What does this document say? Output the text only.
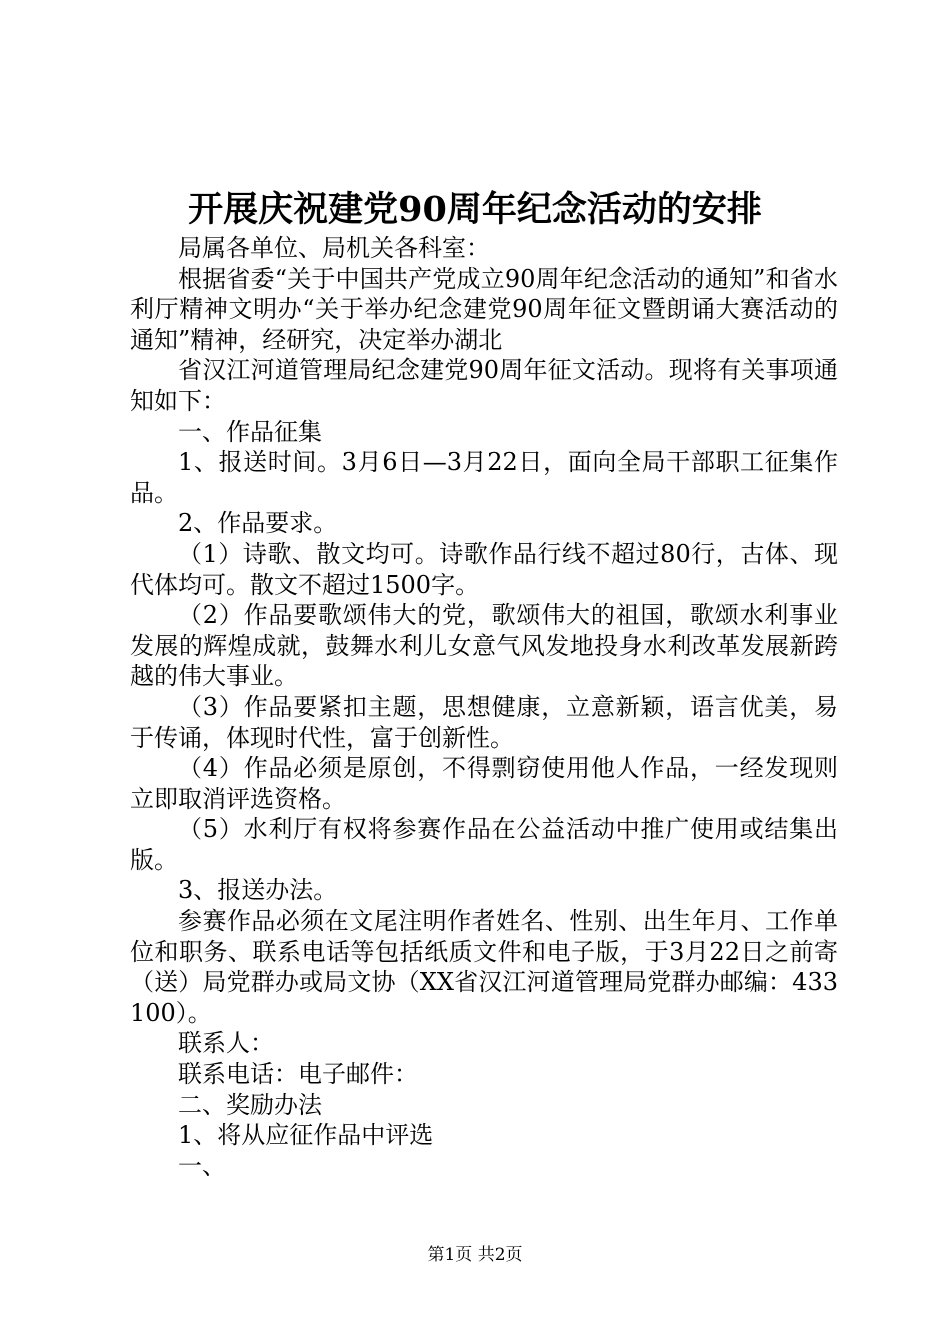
开展庆祝建党90周年纪念活动的安排

局属各单位、局机关各科室：

根据省委“关于中国共产党成立90周年纪念活动的通知”和省水利厅精神文明办“关于举办纪念建党90周年征文暨朗诵大赛活动的通知”精神，经研究，决定举办湖北

省汉江河道管理局纪念建党90周年征文活动。现将有关事项通知如下：

一、作品征集

1、报送时间。3月6日—3月22日，面向全局干部职工征集作品。

2、作品要求。

（1）诗歌、散文均可。诗歌作品行线不超过80行，古体、现代体均可。散文不超过1500字。

（2）作品要歌颂伟大的党，歌颂伟大的祖国，歌颂水利事业发展的辉煌成就，鼓舞水利儿女意气风发地投身水利改革发展新跨越的伟大事业。

（3）作品要紧扣主题，思想健康，立意新颖，语言优美，易于传诵，体现时代性，富于创新性。

（4）作品必须是原创，不得剽窃使用他人作品，一经发现则立即取消评选资格。

（5）水利厅有权将参赛作品在公益活动中推广使用或结集出版。

3、报送办法。

参赛作品必须在文尾注明作者姓名、性别、出生年月、工作单位和职务、联系电话等包括纸质文件和电子版，于3月22日之前寄（送）局党群办或局文协（XX省汉江河道管理局党群办邮编：433100）。

联系人：

联系电话：电子邮件：

二、奖励办法

1、将从应征作品中评选

一、

第1页 共2页
